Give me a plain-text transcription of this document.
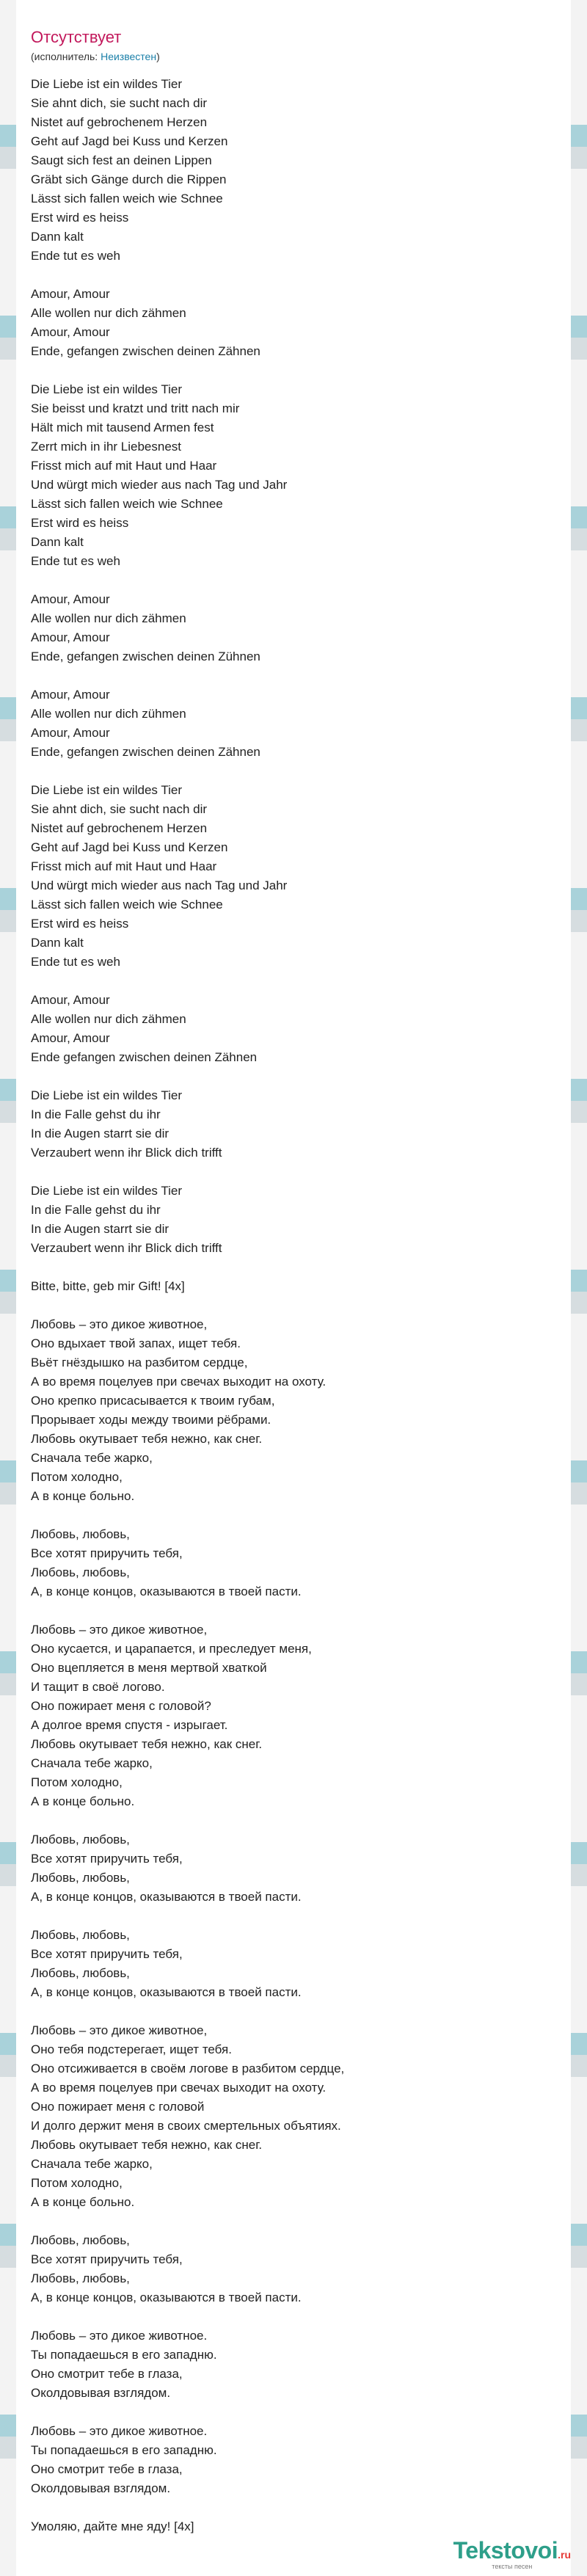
Отсутствует
(исполнитель: Неизвестен)
Die Liebe ist ein wildes Tier
Sie ahnt dich, sie sucht nach dir
Nistet auf gebrochenem Herzen
Geht auf Jagd bei Kuss und Kerzen
Saugt sich fest an deinen Lippen
Gräbt sich Gänge durch die Rippen
Lässt sich fallen weich wie Schnee
Erst wird es heiss
Dann kalt
Ende tut es weh
Amour, Amour
Alle wollen nur dich zähmen
Amour, Amour
Ende, gefangen zwischen deinen Zähnen
Die Liebe ist ein wildes Tier
Sie beisst und kratzt und tritt nach mir
Hält mich mit tausend Armen fest
Zerrt mich in ihr Liebesnest
Frisst mich auf mit Haut und Haar
Und würgt mich wieder aus nach Tag und Jahr
Lässt sich fallen weich wie Schnee
Erst wird es heiss
Dann kalt
Ende tut es weh
Amour, Amour
Alle wollen nur dich zähmen
Amour, Amour
Ende, gefangen zwischen deinen Zühnen
Amour, Amour
Alle wollen nur dich zühmen
Amour, Amour
Ende, gefangen zwischen deinen Zähnen
Die Liebe ist ein wildes Tier
Sie ahnt dich, sie sucht nach dir
Nistet auf gebrochenem Herzen
Geht auf Jagd bei Kuss und Kerzen
Frisst mich auf mit Haut und Haar
Und würgt mich wieder aus nach Tag und Jahr
Lässt sich fallen weich wie Schnee
Erst wird es heiss
Dann kalt
Ende tut es weh
Amour, Amour
Alle wollen nur dich zähmen
Amour, Amour
Ende gefangen zwischen deinen Zähnen
Die Liebe ist ein wildes Tier
In die Falle gehst du ihr
In die Augen starrt sie dir
Verzaubert wenn ihr Blick dich trifft
Die Liebe ist ein wildes Tier
In die Falle gehst du ihr
In die Augen starrt sie dir
Verzaubert wenn ihr Blick dich trifft
Bitte, bitte, geb mir Gift! [4x]
Любовь – это дикое животное,
Оно вдыхает твой запах, ищет тебя.
Вьёт гнёздышко на разбитом сердце,
А во время поцелуев при свечах выходит на охоту.
Оно крепко присасывается к твоим губам,
Прорывает ходы между твоими рёбрами.
Любовь окутывает тебя нежно, как снег.
Сначала тебе жарко,
Потом холодно,
А в конце больно.
Любовь, любовь,
Все хотят приручить тебя,
Любовь, любовь,
А, в конце концов, оказываются в твоей пасти.
Любовь – это дикое животное,
Оно кусается, и царапается, и преследует меня,
Оно вцепляется в меня мертвой хваткой
И тащит в своё логово.
Оно пожирает меня с головой?
А долгое время спустя - изрыгает.
Любовь окутывает тебя нежно, как снег.
Сначала тебе жарко,
Потом холодно,
А в конце больно.
Любовь, любовь,
Все хотят приручить тебя,
Любовь, любовь,
А, в конце концов, оказываются в твоей пасти.
Любовь, любовь,
Все хотят приручить тебя,
Любовь, любовь,
А, в конце концов, оказываются в твоей пасти.
Любовь – это дикое животное,
Оно тебя подстерегает, ищет тебя.
Оно отсиживается в своём логове в разбитом сердце,
А во время поцелуев при свечах выходит на охоту.
Оно пожирает меня с головой
И долго держит меня в своих смертельных объятиях.
Любовь окутывает тебя нежно, как снег.
Сначала тебе жарко,
Потом холодно,
А в конце больно.
Любовь, любовь,
Все хотят приручить тебя,
Любовь, любовь,
А, в конце концов, оказываются в твоей пасти.
Любовь – это дикое животное.
Ты попадаешься в его западню.
Оно смотрит тебе в глаза,
Околдовывая взглядом.
Любовь – это дикое животное.
Ты попадаешься в его западню.
Оно смотрит тебе в глаза,
Околдовывая взглядом.
Умоляю, дайте мне яду! [4x]
Tekstovoi.ru
тексты песен
